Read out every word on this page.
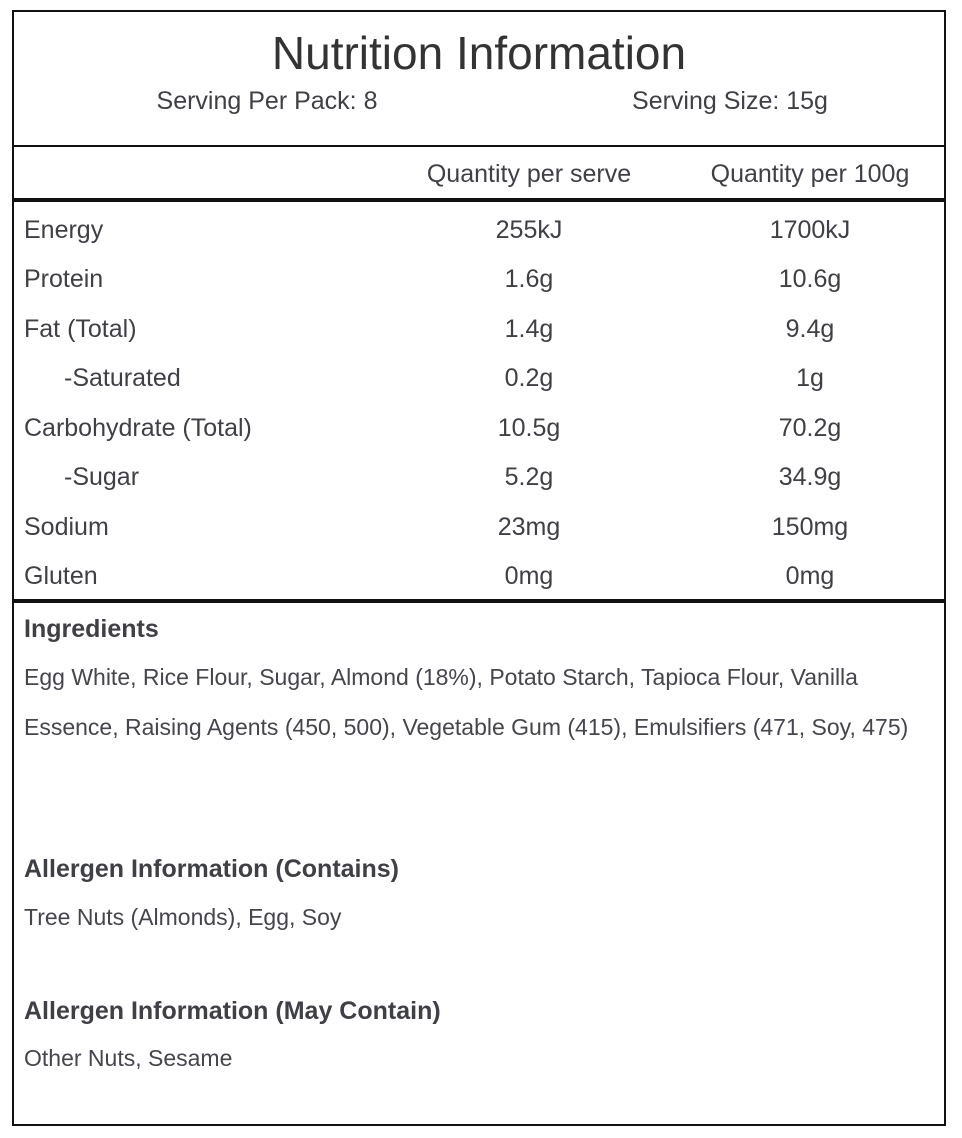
Nutrition Information
Serving Per Pack: 8	Serving Size: 15g
Quantity per serve	Quantity per 100g
Energy	255kJ	1700kJ
Protein	1.6g	10.6g
Fat (Total)	1.4g	9.4g
-Saturated	0.2g	1g
Carbohydrate (Total)	10.5g	70.2g
-Sugar	5.2g	34.9g
Sodium	23mg	150mg
Gluten	0mg	0mg
Ingredients
Egg White, Rice Flour, Sugar, Almond (18%), Potato Starch, Tapioca Flour, Vanilla Essence, Raising Agents (450, 500), Vegetable Gum (415), Emulsifiers (471, Soy, 475)
Allergen Information (Contains)
Tree Nuts (Almonds), Egg, Soy
Allergen Information (May Contain)
Other Nuts, Sesame
